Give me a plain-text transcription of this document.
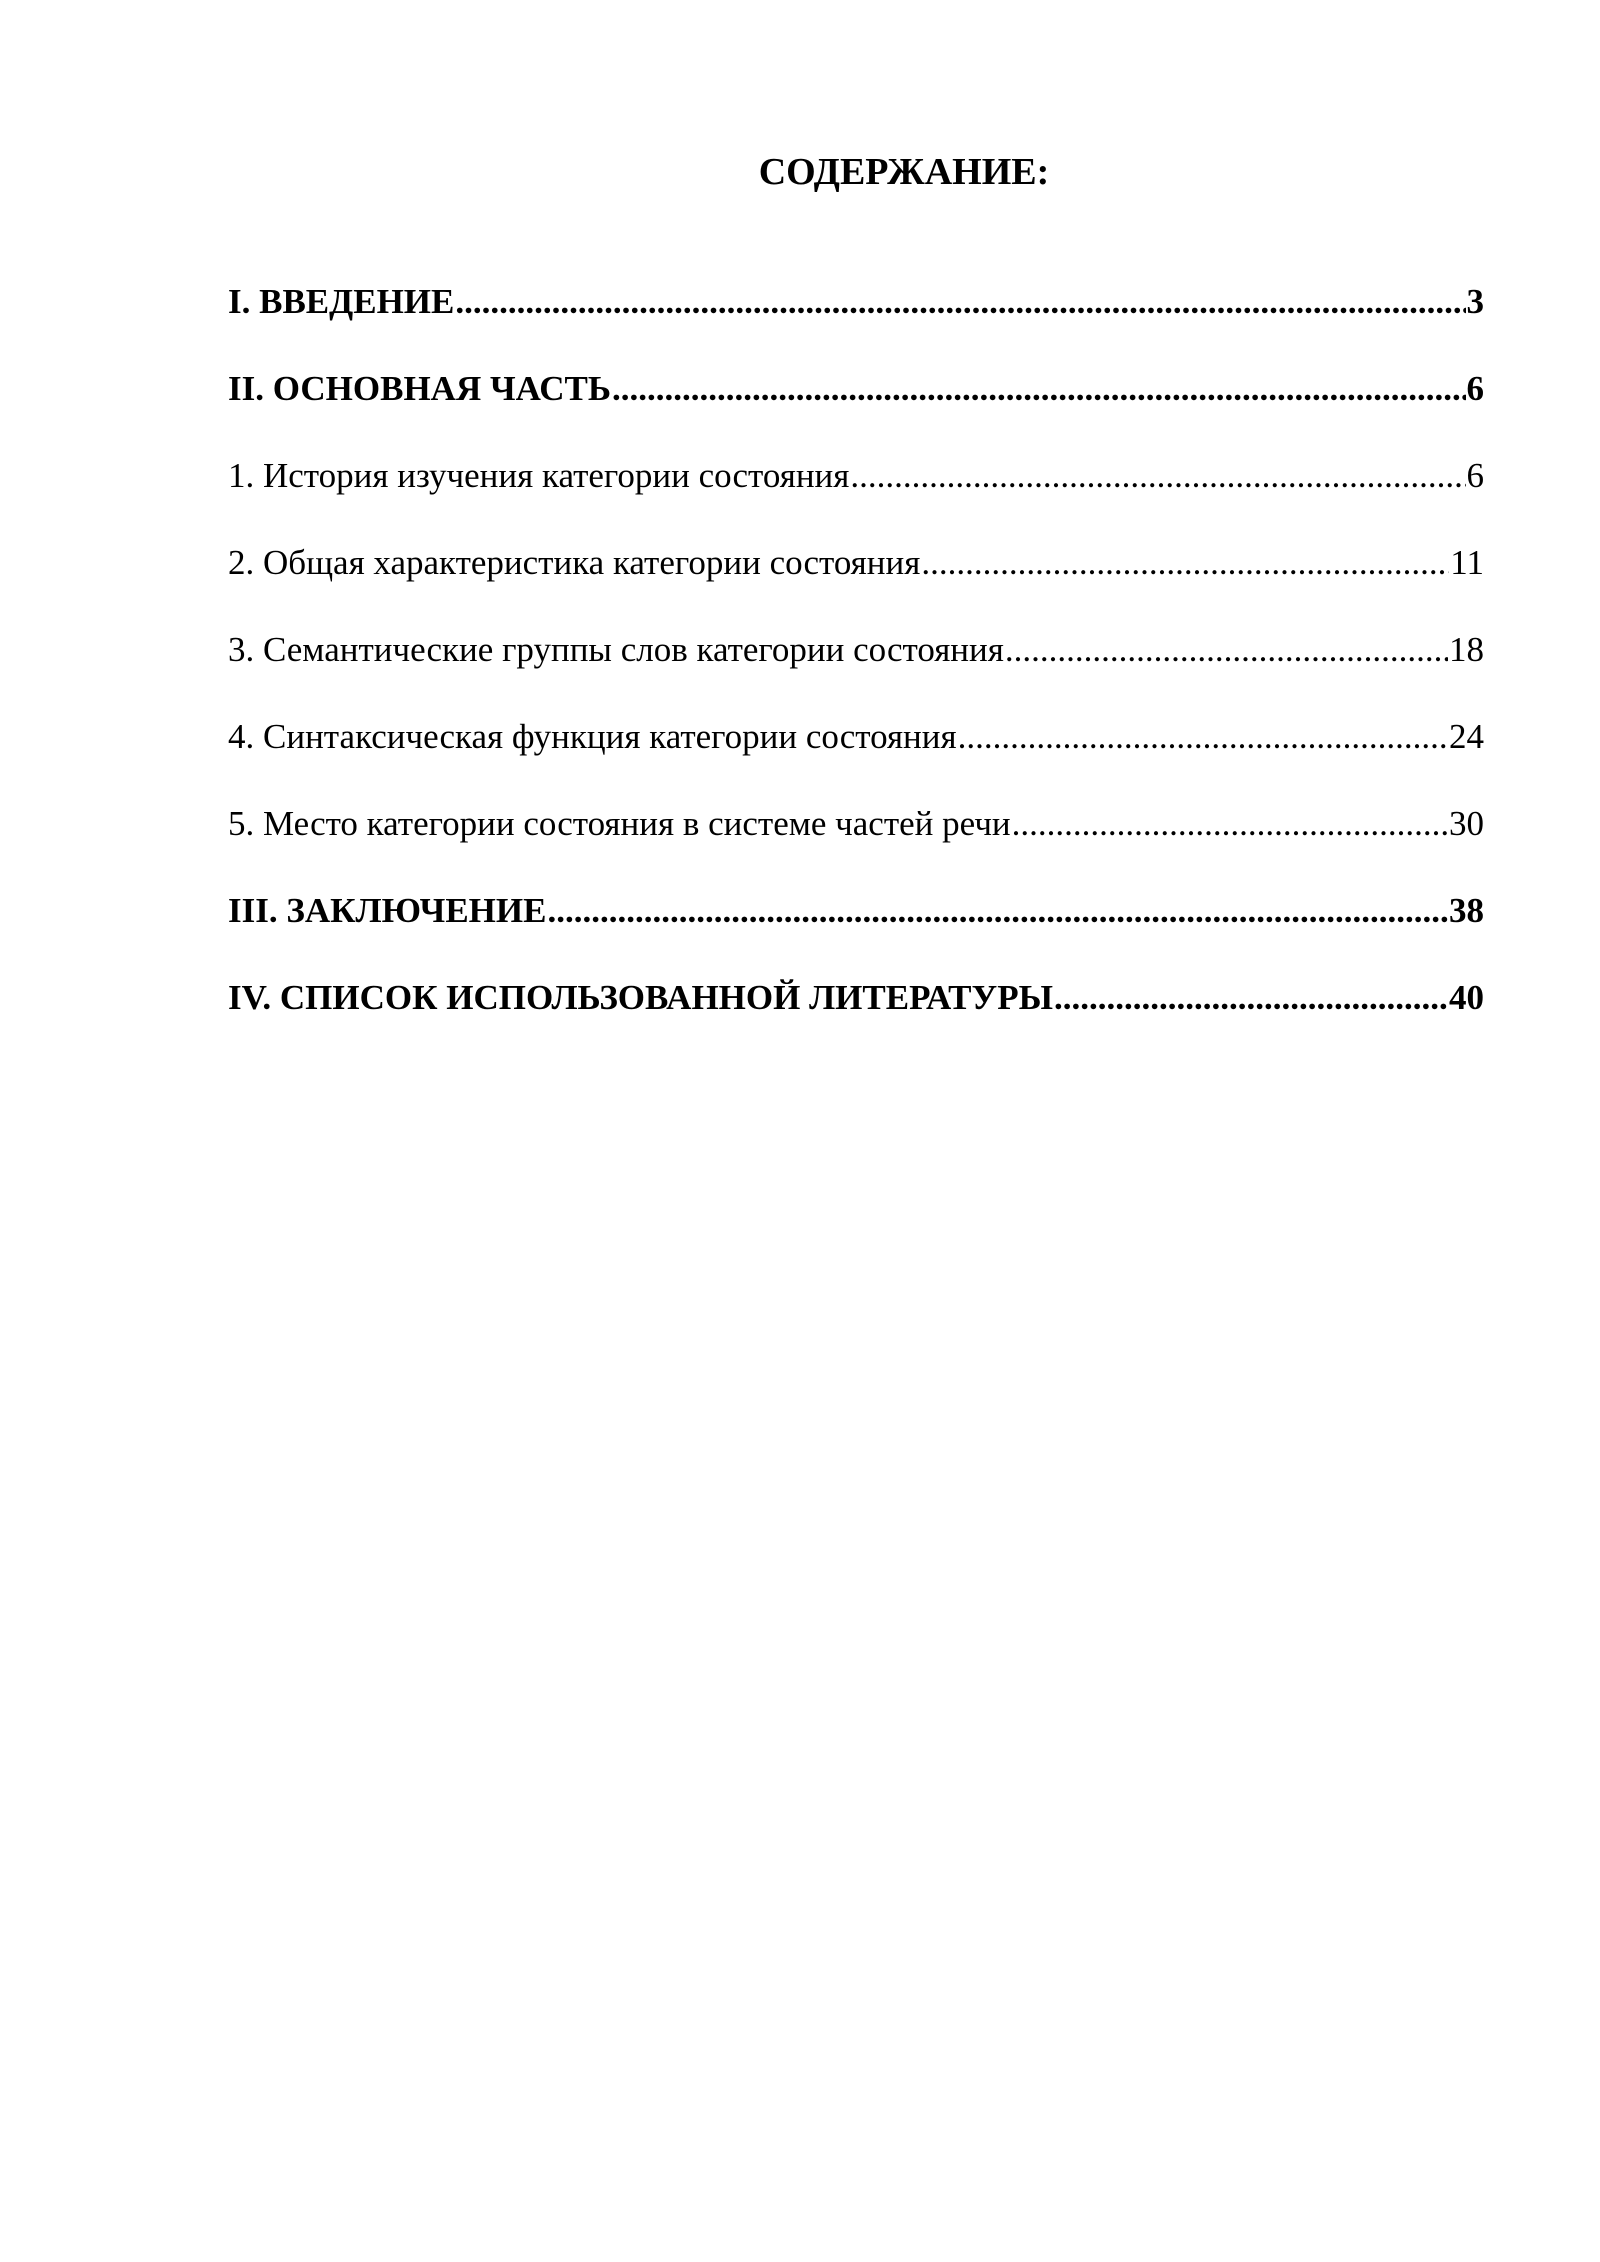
СОДЕРЖАНИЕ:
I. ВВЕДЕНИЕ .....	3
II. ОСНОВНАЯ ЧАСТЬ .....	6
1. История изучения категории состояния .....	6
2. Общая характеристика категории состояния .....	11
3. Семантические группы слов категории состояния .....	18
4. Синтаксическая функция категории состояния .....	24
5. Место категории состояния в системе частей речи .....	30
III. ЗАКЛЮЧЕНИЕ .....	38
IV. СПИСОК ИСПОЛЬЗОВАННОЙ ЛИТЕРАТУРЫ .....	40
